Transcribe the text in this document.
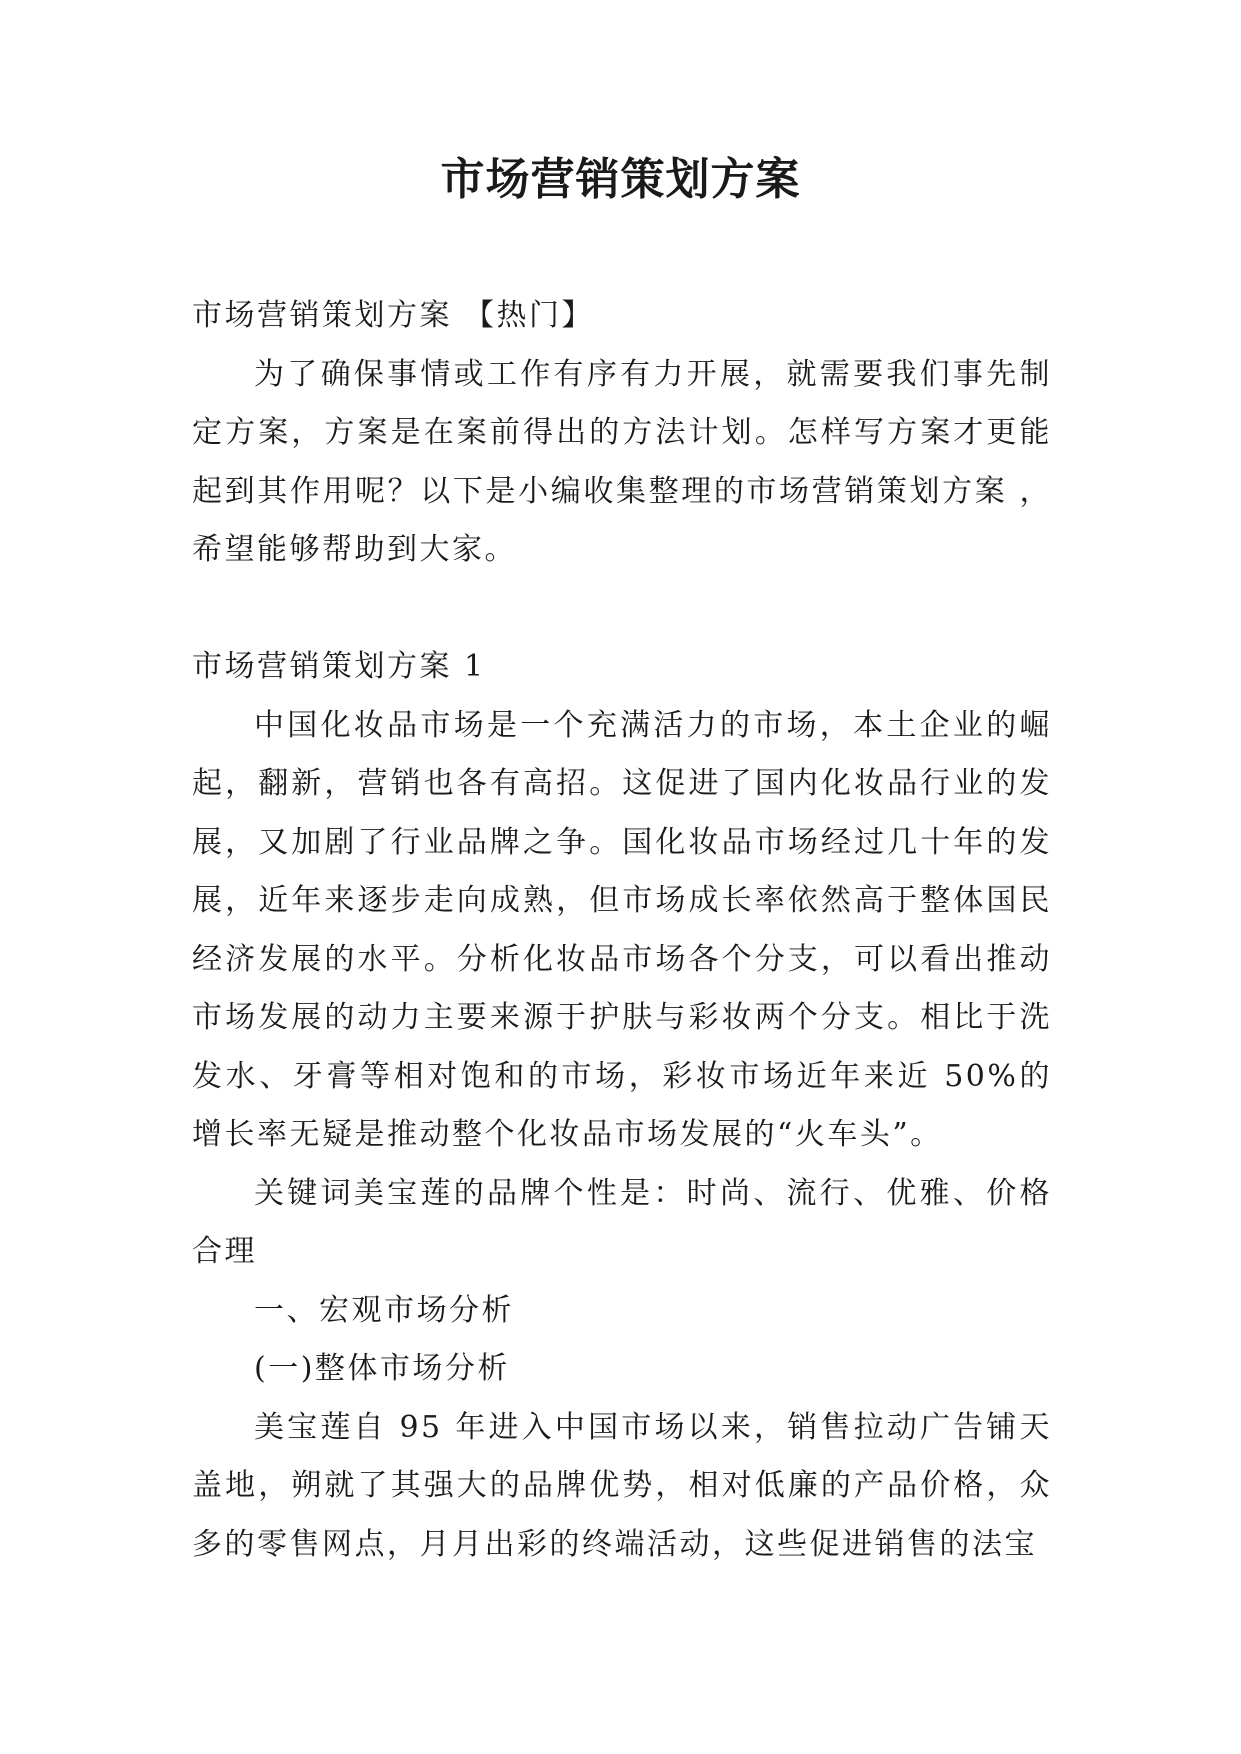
市场营销策划方案

市场营销策划方案 【热门】

为了确保事情或工作有序有力开展，就需要我们事先制定方案，方案是在案前得出的方法计划。怎样写方案才更能起到其作用呢？以下是小编收集整理的市场营销策划方案 ，希望能够帮助到大家。

市场营销策划方案 1

中国化妆品市场是一个充满活力的市场，本土企业的崛起，翻新，营销也各有高招。这促进了国内化妆品行业的发展，又加剧了行业品牌之争。国化妆品市场经过几十年的发展，近年来逐步走向成熟，但市场成长率依然高于整体国民经济发展的水平。分析化妆品市场各个分支，可以看出推动市场发展的动力主要来源于护肤与彩妆两个分支。相比于洗发水、牙膏等相对饱和的市场，彩妆市场近年来近 50%的增长率无疑是推动整个化妆品市场发展的“火车头”。

关键词美宝莲的品牌个性是：时尚、流行、优雅、价格合理

一、宏观市场分析

(一)整体市场分析

美宝莲自 95 年进入中国市场以来，销售拉动广告铺天盖地，朔就了其强大的品牌优势，相对低廉的产品价格，众多的零售网点，月月出彩的终端活动，这些促进销售的法宝
